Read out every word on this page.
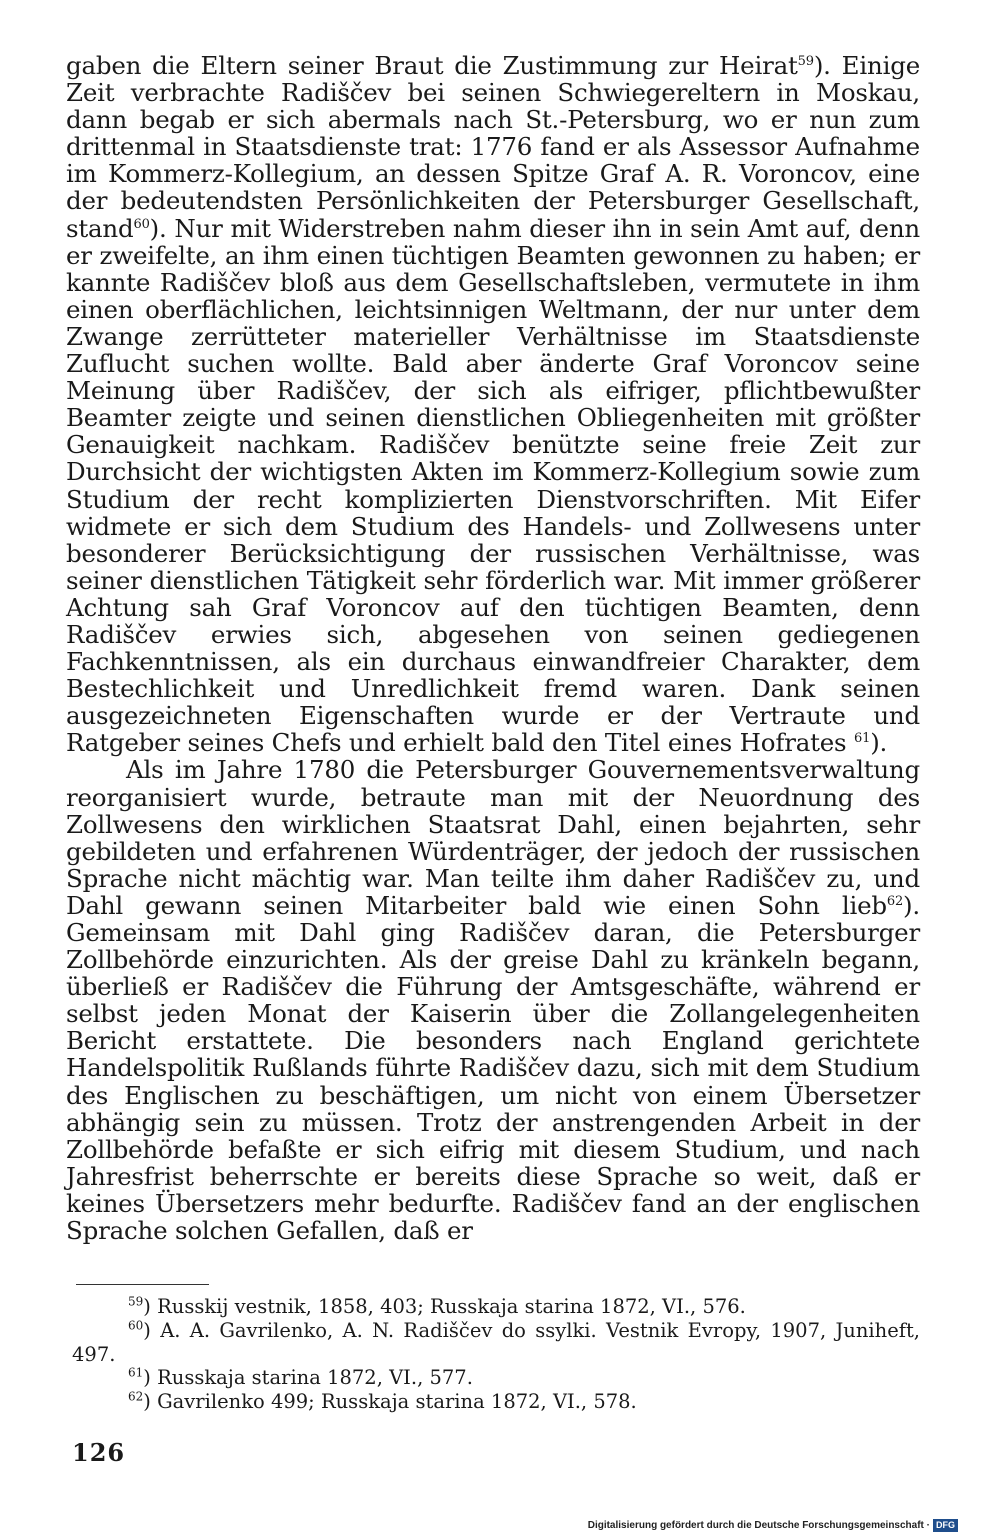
gaben die Eltern seiner Braut die Zustimmung zur Heirat$^{59}$). Einige Zeit verbrachte Radiščev bei seinen Schwiegereltern in Moskau, dann begab er sich abermals nach St.-Petersburg, wo er nun zum drittenmal in Staatsdienste trat: 1776 fand er als Assessor Aufnahme im Kommerz-Kollegium, an dessen Spitze Graf A. R. Voroncov, eine der bedeutendsten Persönlichkeiten der Petersburger Gesellschaft, stand$^{60}$). Nur mit Widerstreben nahm dieser ihn in sein Amt auf, denn er zweifelte, an ihm einen tüchtigen Beamten gewonnen zu haben; er kannte Radiščev bloß aus dem Gesellschaftsleben, vermutete in ihm einen oberflächlichen, leichtsinnigen Weltmann, der nur unter dem Zwange zerrütteter materieller Verhältnisse im Staatsdienste Zuflucht suchen wollte. Bald aber änderte Graf Voroncov seine Meinung über Radiščev, der sich als eifriger, pflichtbewußter Beamter zeigte und seinen dienstlichen Obliegenheiten mit größter Genauigkeit nachkam. Radiščev benützte seine freie Zeit zur Durchsicht der wichtigsten Akten im Kommerz-Kollegium sowie zum Studium der recht komplizierten Dienstvorschriften. Mit Eifer widmete er sich dem Studium des Handels- und Zollwesens unter besonderer Berücksichtigung der russischen Verhältnisse, was seiner dienstlichen Tätigkeit sehr förderlich war. Mit immer größerer Achtung sah Graf Voroncov auf den tüchtigen Beamten, denn Radiščev erwies sich, abgesehen von seinen gediegenen Fachkenntnissen, als ein durchaus einwandfreier Charakter, dem Bestechlichkeit und Unredlichkeit fremd waren. Dank seinen ausgezeichneten Eigenschaften wurde er der Vertraute und Ratgeber seines Chefs und erhielt bald den Titel eines Hofrates $^{61}$).

Als im Jahre 1780 die Petersburger Gouvernementsverwaltung reorganisiert wurde, betraute man mit der Neuordnung des Zollwesens den wirklichen Staatsrat Dahl, einen bejahrten, sehr gebildeten und erfahrenen Würdenträger, der jedoch der russischen Sprache nicht mächtig war. Man teilte ihm daher Radiščev zu, und Dahl gewann seinen Mitarbeiter bald wie einen Sohn lieb$^{62}$). Gemeinsam mit Dahl ging Radiščev daran, die Petersburger Zollbehörde einzurichten. Als der greise Dahl zu kränkeln begann, überließ er Radiščev die Führung der Amtsgeschäfte, während er selbst jeden Monat der Kaiserin über die Zollangelegenheiten Bericht erstattete. Die besonders nach England gerichtete Handelspolitik Rußlands führte Radiščev dazu, sich mit dem Studium des Englischen zu beschäftigen, um nicht von einem Übersetzer abhängig sein zu müssen. Trotz der anstrengenden Arbeit in der Zollbehörde befaßte er sich eifrig mit diesem Studium, und nach Jahresfrist beherrschte er bereits diese Sprache so weit, daß er keines Übersetzers mehr bedurfte. Radiščev fand an der englischen Sprache solchen Gefallen, daß er

$^{59}$) Russkij vestnik, 1858, 403; Russkaja starina 1872, VI., 576.

$^{60}$) A. A. Gavrilenko, A. N. Radiščev do ssylki. Vestnik Evropy, 1907, Juniheft, 497.

$^{61}$) Russkaja starina 1872, VI., 577.

$^{62}$) Gavrilenko 499; Russkaja starina 1872, VI., 578.

126
Digitalisierung gefördert durch die Deutsche Forschungsgemeinschaft · DFG
